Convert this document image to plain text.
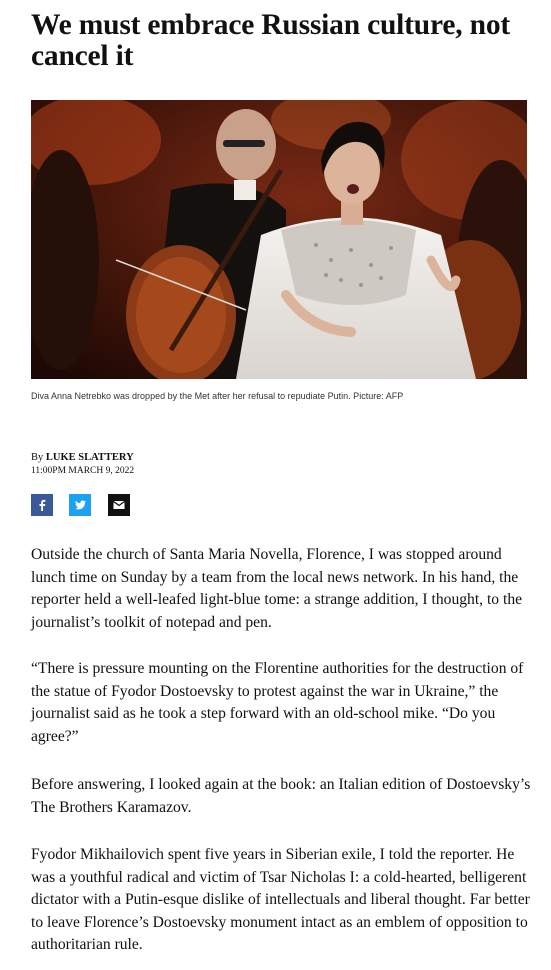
We must embrace Russian culture, not cancel it
Diva Anna Netrebko was dropped by the Met after her refusal to repudiate Putin. Picture: AFP
By LUKE SLATTERY
11:00PM MARCH 9, 2022

Outside the church of Santa Maria Novella, Florence, I was stopped around lunch time on Sunday by a team from the local news network. In his hand, the reporter held a well-leafed light-blue tome: a strange addition, I thought, to the journalist’s toolkit of notepad and pen.

“There is pressure mounting on the Florentine authorities for the destruction of the statue of Fyodor Dostoevsky to protest against the war in Ukraine,” the journalist said as he took a step forward with an old-school mike. “Do you agree?”

Before answering, I looked again at the book: an Italian edition of Dostoevsky’s The Brothers Karamazov.

Fyodor Mikhailovich spent five years in Siberian exile, I told the reporter. He was a youthful radical and victim of Tsar Nicholas I: a cold-hearted, belligerent dictator with a Putin-esque dislike of intellectuals and liberal thought. Far better to leave Florence’s Dostoevsky monument intact as an emblem of opposition to authoritarian rule.
